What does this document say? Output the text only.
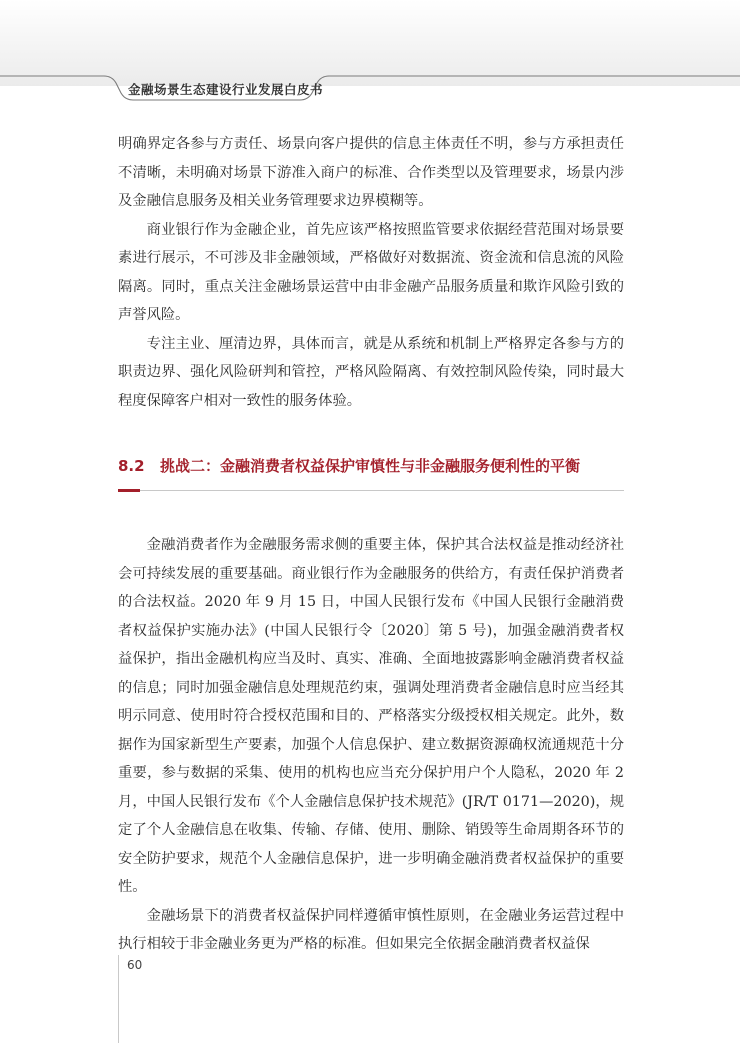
金融场景生态建设行业发展白皮书

明确界定各参与方责任、场景向客户提供的信息主体责任不明，参与方承担责任不清晰，未明确对场景下游准入商户的标准、合作类型以及管理要求，场景内涉及金融信息服务及相关业务管理要求边界模糊等。

商业银行作为金融企业，首先应该严格按照监管要求依据经营范围对场景要素进行展示，不可涉及非金融领域，严格做好对数据流、资金流和信息流的风险隔离。同时，重点关注金融场景运营中由非金融产品服务质量和欺诈风险引致的声誉风险。

专注主业、厘清边界，具体而言，就是从系统和机制上严格界定各参与方的职责边界、强化风险研判和管控，严格风险隔离、有效控制风险传染，同时最大程度保障客户相对一致性的服务体验。

8.2 挑战二：金融消费者权益保护审慎性与非金融服务便利性的平衡

金融消费者作为金融服务需求侧的重要主体，保护其合法权益是推动经济社会可持续发展的重要基础。商业银行作为金融服务的供给方，有责任保护消费者的合法权益。2020 年 9 月 15 日，中国人民银行发布《中国人民银行金融消费者权益保护实施办法》(中国人民银行令〔2020〕第 5 号)，加强金融消费者权益保护，指出金融机构应当及时、真实、准确、全面地披露影响金融消费者权益的信息；同时加强金融信息处理规范约束，强调处理消费者金融信息时应当经其明示同意、使用时符合授权范围和目的、严格落实分级授权相关规定。此外，数据作为国家新型生产要素，加强个人信息保护、建立数据资源确权流通规范十分重要，参与数据的采集、使用的机构也应当充分保护用户个人隐私，2020 年 2 月，中国人民银行发布《个人金融信息保护技术规范》(JR/T 0171—2020)，规定了个人金融信息在收集、传输、存储、使用、删除、销毁等生命周期各环节的安全防护要求，规范个人金融信息保护，进一步明确金融消费者权益保护的重要性。

金融场景下的消费者权益保护同样遵循审慎性原则，在金融业务运营过程中执行相较于非金融业务更为严格的标准。但如果完全依据金融消费者权益保

60
